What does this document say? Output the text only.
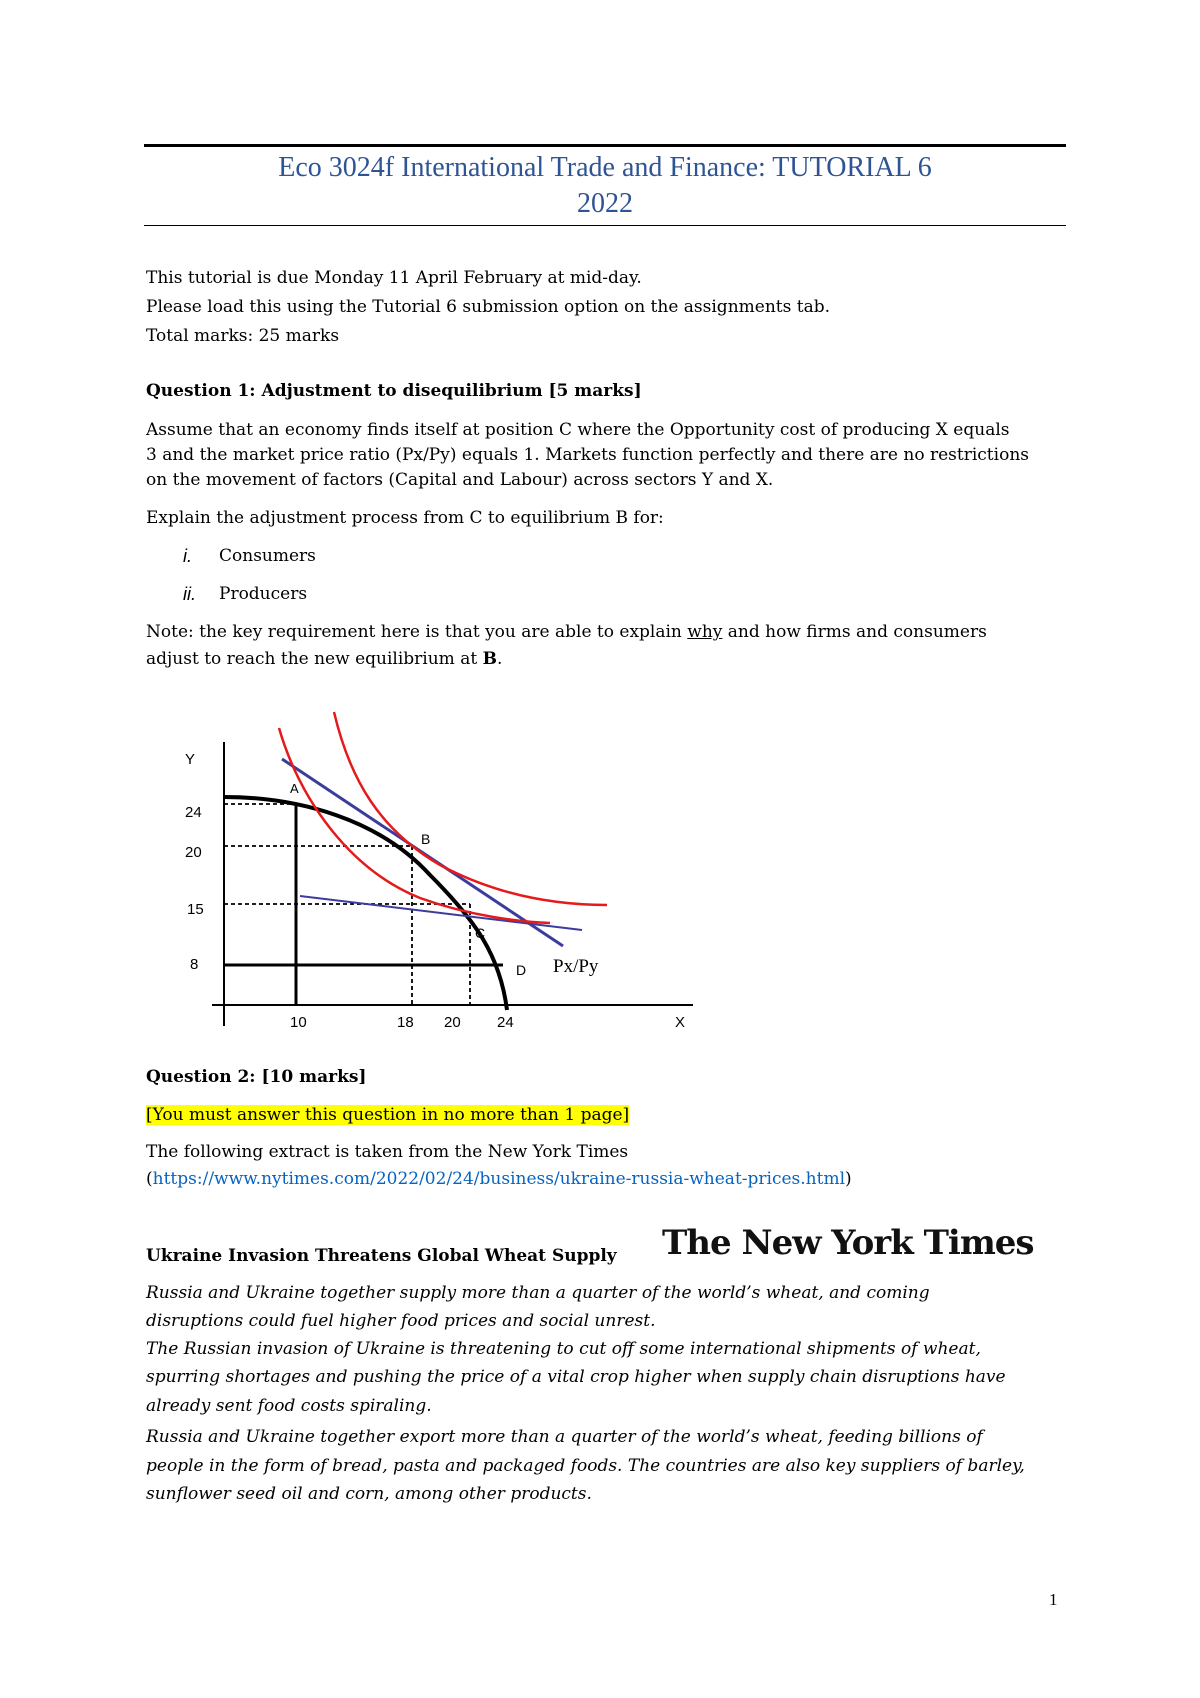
Eco 3024f International Trade and Finance: TUTORIAL 6
2022
This tutorial is due Monday 11 April February at mid-day.
Please load this using the Tutorial 6 submission option on the assignments tab.
Total marks: 25 marks
Question 1: Adjustment to disequilibrium [5 marks]
Assume that an economy finds itself at position C where the Opportunity cost of producing X equals
3 and the market price ratio (Px/Py) equals 1. Markets function perfectly and there are no restrictions
on the movement of factors (Capital and Labour) across sectors Y and X.
Explain the adjustment process from C to equilibrium B for:
i. Consumers
ii. Producers
Note: the key requirement here is that you are able to explain why and how firms and consumers
adjust to reach the new equilibrium at B.
Y
X
24
20
15
8
10	18 20 24
A
B
C
D Px/Py
Question 2: [10 marks]
[You must answer this question in no more than 1 page]
The following extract is taken from the New York Times
(https://www.nytimes.com/2022/02/24/business/ukraine-russia-wheat-prices.html)
Ukraine Invasion Threatens Global Wheat Supply The New York Times
Russia and Ukraine together supply more than a quarter of the world’s wheat, and coming
disruptions could fuel higher food prices and social unrest.
The Russian invasion of Ukraine is threatening to cut off some international shipments of wheat,
spurring shortages and pushing the price of a vital crop higher when supply chain disruptions have
already sent food costs spiraling.
Russia and Ukraine together export more than a quarter of the world’s wheat, feeding billions of
people in the form of bread, pasta and packaged foods. The countries are also key suppliers of barley,
sunflower seed oil and corn, among other products.
1
